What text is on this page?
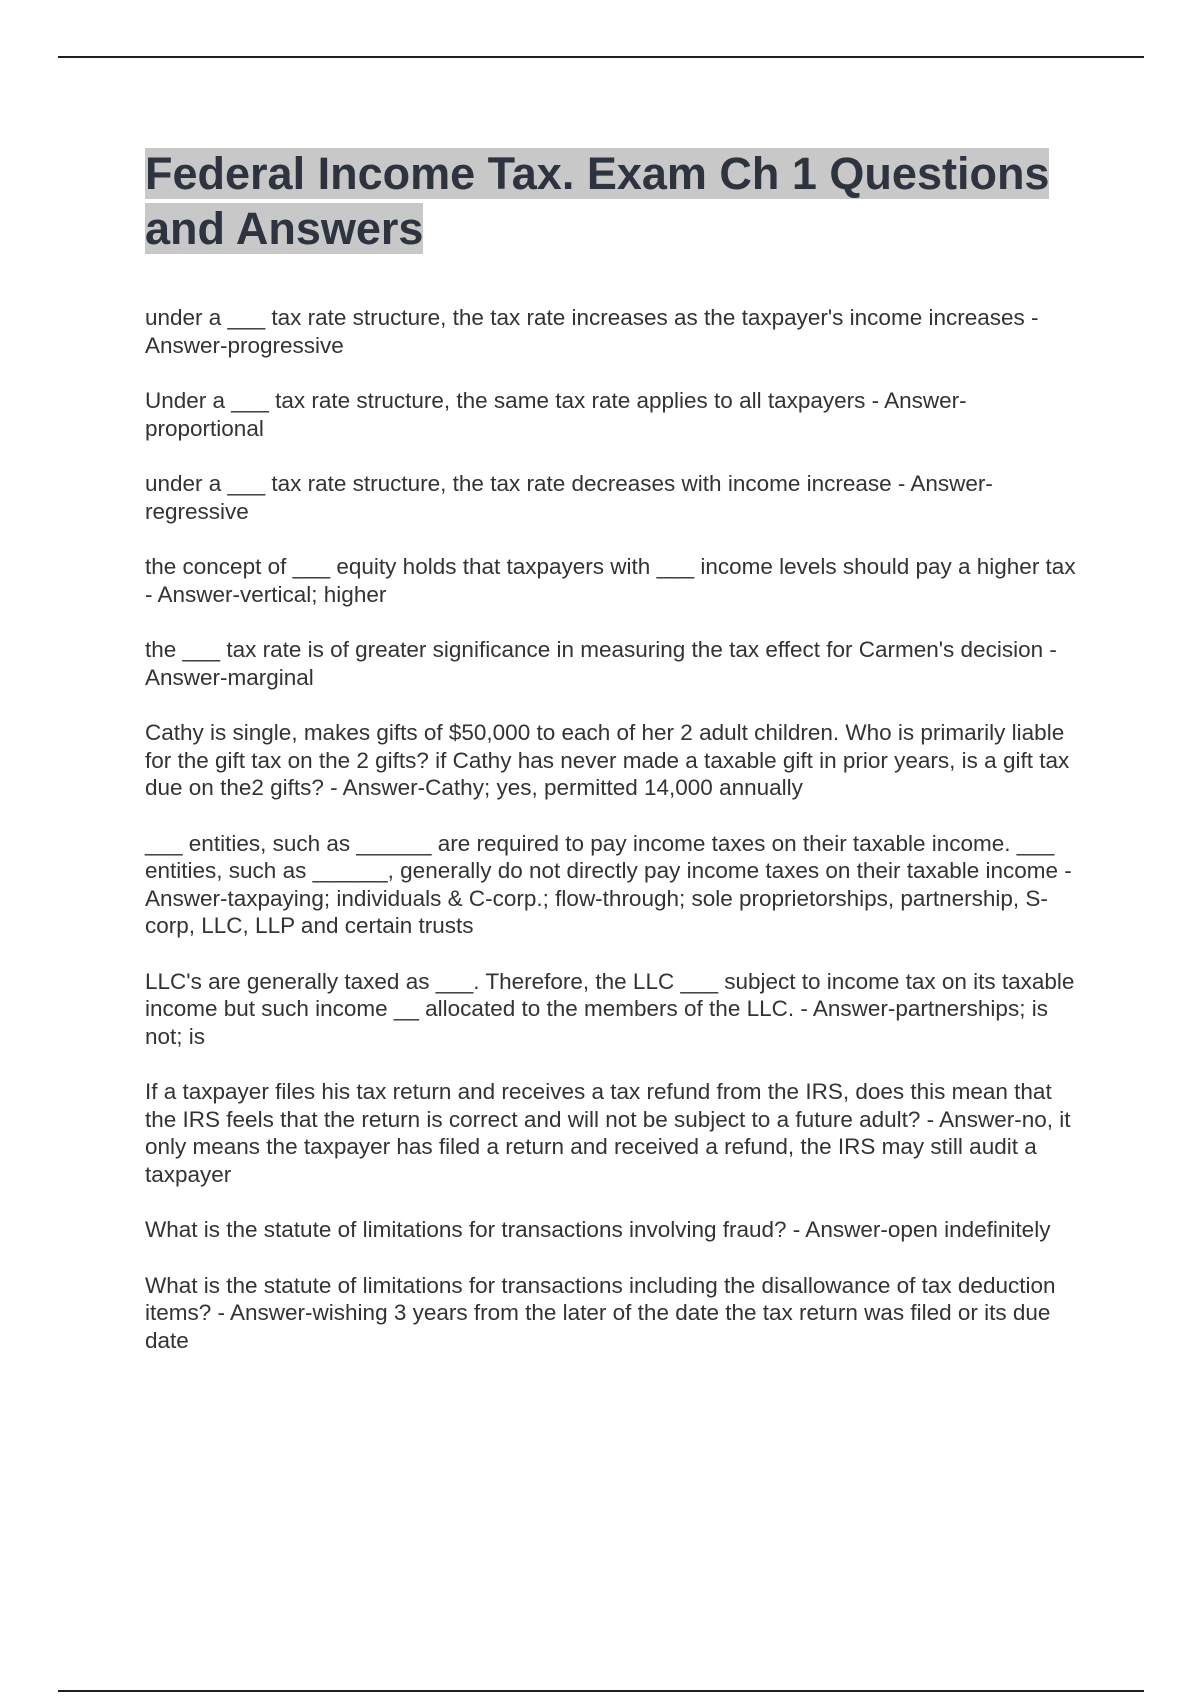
Federal Income Tax. Exam Ch 1 Questions and Answers
under a ___ tax rate structure, the tax rate increases as the taxpayer's income increases - Answer-progressive
Under a ___ tax rate structure, the same tax rate applies to all taxpayers - Answer-proportional
under a ___ tax rate structure, the tax rate decreases with income increase - Answer-regressive
the concept of ___ equity holds that taxpayers with ___ income levels should pay a higher tax - Answer-vertical; higher
the ___ tax rate is of greater significance in measuring the tax effect for Carmen's decision - Answer-marginal
Cathy is single, makes gifts of $50,000 to each of her 2 adult children. Who is primarily liable for the gift tax on the 2 gifts? if Cathy has never made a taxable gift in prior years, is a gift tax due on the2 gifts? - Answer-Cathy; yes, permitted 14,000 annually
___ entities, such as ______ are required to pay income taxes on their taxable income. ___ entities, such as ______, generally do not directly pay income taxes on their taxable income - Answer-taxpaying; individuals & C-corp.; flow-through; sole proprietorships, partnership, S-corp, LLC, LLP and certain trusts
LLC's are generally taxed as ___. Therefore, the LLC ___ subject to income tax on its taxable income but such income __ allocated to the members of the LLC. - Answer-partnerships; is not; is
If a taxpayer files his tax return and receives a tax refund from the IRS, does this mean that the IRS feels that the return is correct and will not be subject to a future adult? - Answer-no, it only means the taxpayer has filed a return and received a refund, the IRS may still audit a taxpayer
What is the statute of limitations for transactions involving fraud? - Answer-open indefinitely
What is the statute of limitations for transactions including the disallowance of tax deduction items? - Answer-wishing 3 years from the later of the date the tax return was filed or its due date
